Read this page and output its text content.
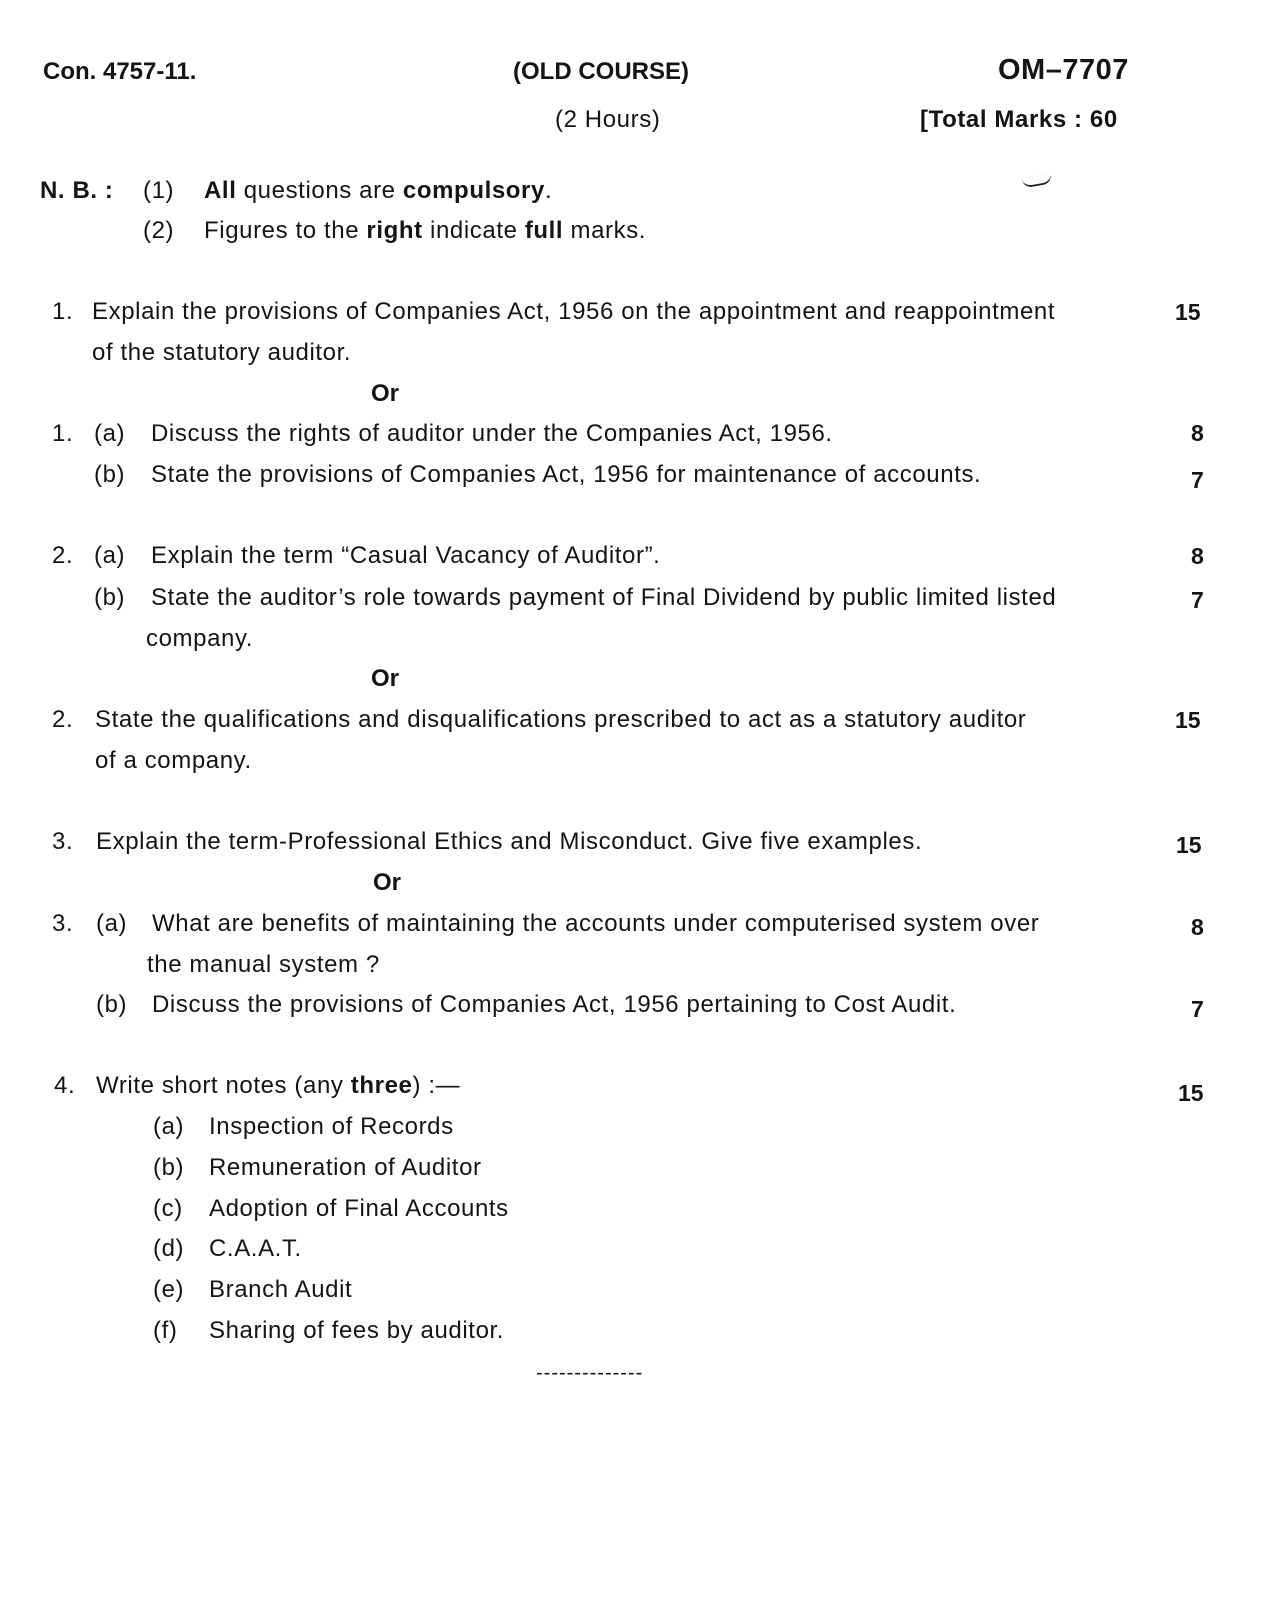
Con. 4757-11.	(OLD COURSE)	OM–7707
(2 Hours)	[Total Marks : 60
N. B. : (1) All questions are compulsory.
(2) Figures to the right indicate full marks.
1. Explain the provisions of Companies Act, 1956 on the appointment and reappointment	15
of the statutory auditor.
Or
1. (a) Discuss the rights of auditor under the Companies Act, 1956.	8
(b) State the provisions of Companies Act, 1956 for maintenance of accounts.	7
2. (a) Explain the term “Casual Vacancy of Auditor”.	8
(b) State the auditor’s role towards payment of Final Dividend by public limited listed	7
company.
Or
2. State the qualifications and disqualifications prescribed to act as a statutory auditor	15
of a company.
3. Explain the term-Professional Ethics and Misconduct. Give five examples.	15
Or
3. (a) What are benefits of maintaining the accounts under computerised system over	8
the manual system ?
(b) Discuss the provisions of Companies Act, 1956 pertaining to Cost Audit.	7
4. Write short notes (any three) :—	15
(a) Inspection of Records
(b) Remuneration of Auditor
(c) Adoption of Final Accounts
(d) C.A.A.T.
(e) Branch Audit
(f) Sharing of fees by auditor.
--------------
